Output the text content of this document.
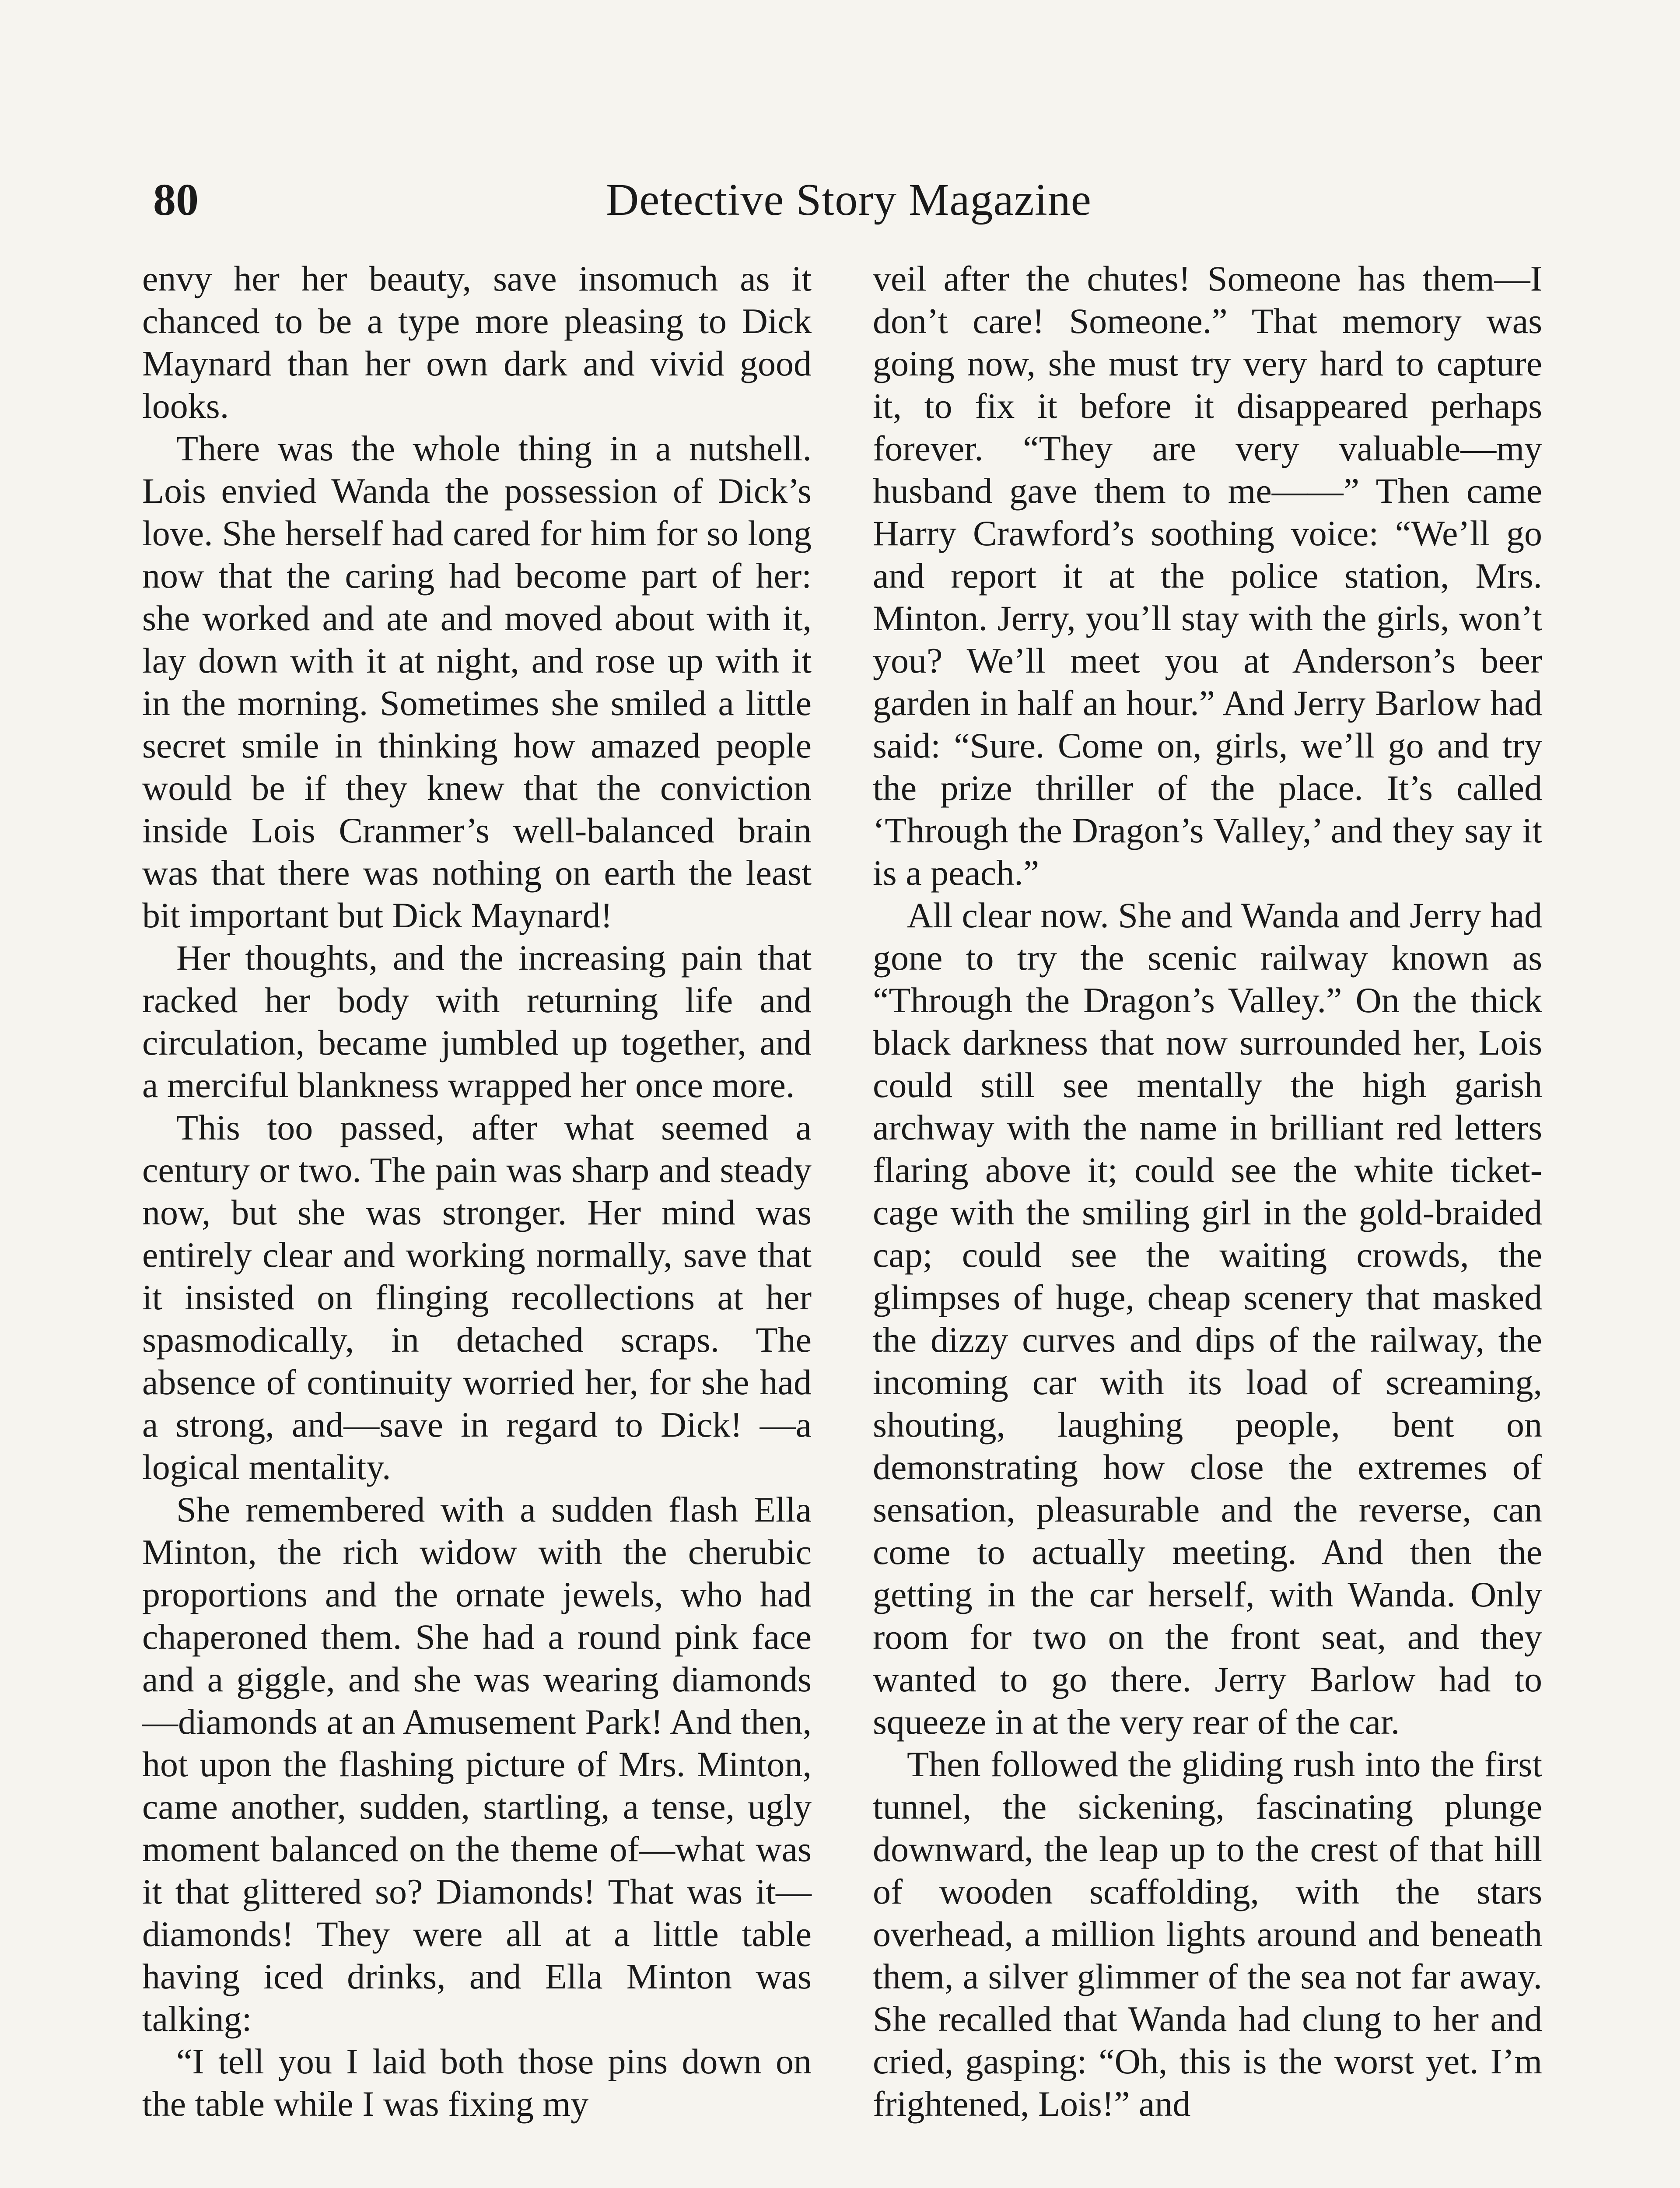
80	Detective Story Magazine

envy her her beauty, save insomuch as it chanced to be a type more pleasing to Dick Maynard than her own dark and vivid good looks.

There was the whole thing in a nutshell. Lois envied Wanda the possession of Dick’s love. She herself had cared for him for so long now that the caring had become part of her: she worked and ate and moved about with it, lay down with it at night, and rose up with it in the morning. Sometimes she smiled a little secret smile in thinking how amazed people would be if they knew that the conviction inside Lois Cranmer’s well-balanced brain was that there was nothing on earth the least bit important but Dick Maynard!

Her thoughts, and the increasing pain that racked her body with returning life and circulation, became jumbled up together, and a merciful blankness wrapped her once more.

This too passed, after what seemed a century or two. The pain was sharp and steady now, but she was stronger. Her mind was entirely clear and working normally, save that it insisted on flinging recollections at her spasmodically, in detached scraps. The absence of continuity worried her, for she had a strong, and—save in regard to Dick! —a logical mentality.

She remembered with a sudden flash Ella Minton, the rich widow with the cherubic proportions and the ornate jewels, who had chaperoned them. She had a round pink face and a giggle, and she was wearing diamonds—diamonds at an Amusement Park! And then, hot upon the flashing picture of Mrs. Minton, came another, sudden, startling, a tense, ugly moment balanced on the theme of—what was it that glittered so? Diamonds! That was it—diamonds! They were all at a little table having iced drinks, and Ella Minton was talking:

“I tell you I laid both those pins down on the table while I was fixing my

veil after the chutes! Someone has them—I don’t care! Someone.” That memory was going now, she must try very hard to capture it, to fix it before it disappeared perhaps forever. “They are very valuable—my husband gave them to me——” Then came Harry Crawford’s soothing voice: “We’ll go and report it at the police station, Mrs. Minton. Jerry, you’ll stay with the girls, won’t you? We’ll meet you at Anderson’s beer garden in half an hour.” And Jerry Barlow had said: “Sure. Come on, girls, we’ll go and try the prize thriller of the place. It’s called ‘Through the Dragon’s Valley,’ and they say it is a peach.”

All clear now. She and Wanda and Jerry had gone to try the scenic railway known as “Through the Dragon’s Valley.” On the thick black darkness that now surrounded her, Lois could still see mentally the high garish archway with the name in brilliant red letters flaring above it; could see the white ticket-cage with the smiling girl in the gold-braided cap; could see the waiting crowds, the glimpses of huge, cheap scenery that masked the dizzy curves and dips of the railway, the incoming car with its load of screaming, shouting, laughing people, bent on demonstrating how close the extremes of sensation, pleasurable and the reverse, can come to actually meeting. And then the getting in the car herself, with Wanda. Only room for two on the front seat, and they wanted to go there. Jerry Barlow had to squeeze in at the very rear of the car.

Then followed the gliding rush into the first tunnel, the sickening, fascinating plunge downward, the leap up to the crest of that hill of wooden scaffolding, with the stars overhead, a million lights around and beneath them, a silver glimmer of the sea not far away. She recalled that Wanda had clung to her and cried, gasping: “Oh, this is the worst yet. I’m frightened, Lois!” and
